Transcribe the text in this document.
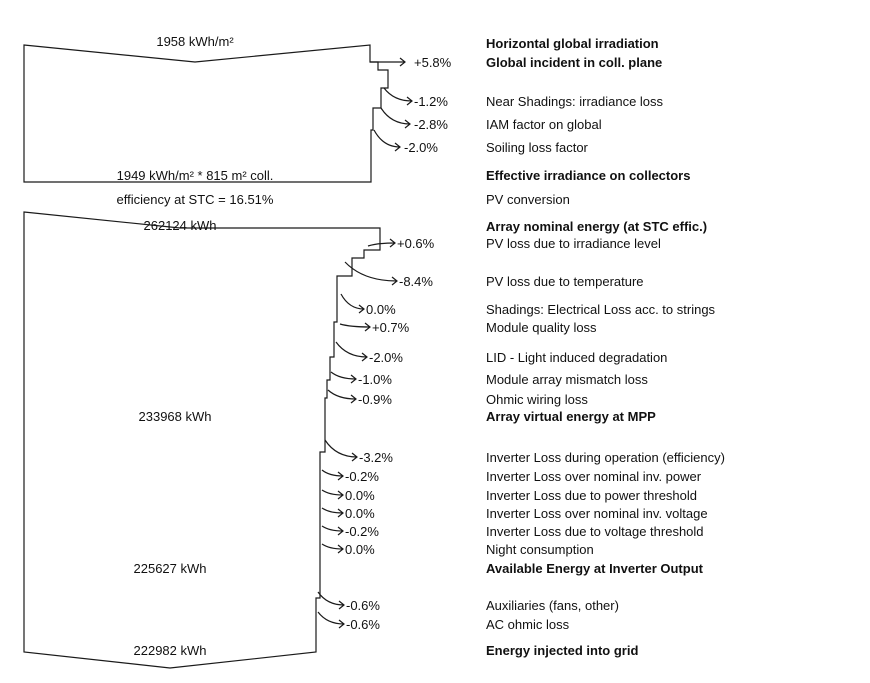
1958 kWh/m²
1949 kWh/m² * 815 m² coll.
efficiency at STC = 16.51%
262124 kWh
233968 kWh
225627 kWh
222982 kWh
+5.8%
-1.2%
-2.8%
-2.0%
+0.6%
-8.4%
0.0%
+0.7%
-2.0%
-1.0%
-0.9%
-3.2%
-0.2%
0.0%
0.0%
-0.2%
0.0%
-0.6%
-0.6%
Horizontal global irradiation
Global incident in coll. plane
Near Shadings: irradiance loss
IAM factor on global
Soiling loss factor
Effective irradiance on collectors
PV conversion
Array nominal energy (at STC effic.)
PV loss due to irradiance level
PV loss due to temperature
Shadings: Electrical Loss acc. to strings
Module quality loss
LID - Light induced degradation
Module array mismatch loss
Ohmic wiring loss
Array virtual energy at MPP
Inverter Loss during operation (efficiency)
Inverter Loss over nominal inv. power
Inverter Loss due to power threshold
Inverter Loss over nominal inv. voltage
Inverter Loss due to voltage threshold
Night consumption
Available Energy at Inverter Output
Auxiliaries (fans, other)
AC ohmic loss
Energy injected into grid
